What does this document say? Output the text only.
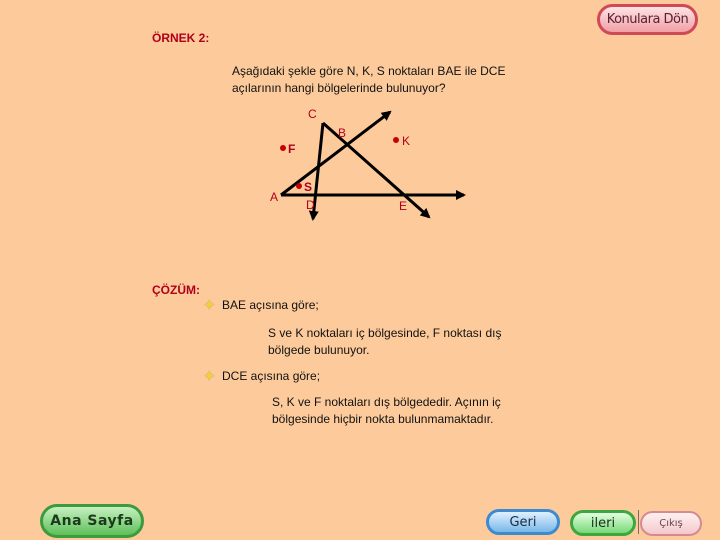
Konulara Dön
ÖRNEK 2:
Aşağıdaki şekle göre N, K, S noktaları BAE ile DCE
açılarının hangi bölgelerinde bulunuyor?
C
B
K
F
S
A
D	E
ÇÖZÜM:
✦ BAE açısına göre;
S ve K noktaları iç bölgesinde, F noktası dış
bölgede bulunuyor.
✦ DCE açısına göre;
S, K ve F noktaları dış bölgededir. Açının iç
bölgesinde hiçbir nokta bulunmamaktadır.
Ana Sayfa	Geri	ileri	Çıkış
